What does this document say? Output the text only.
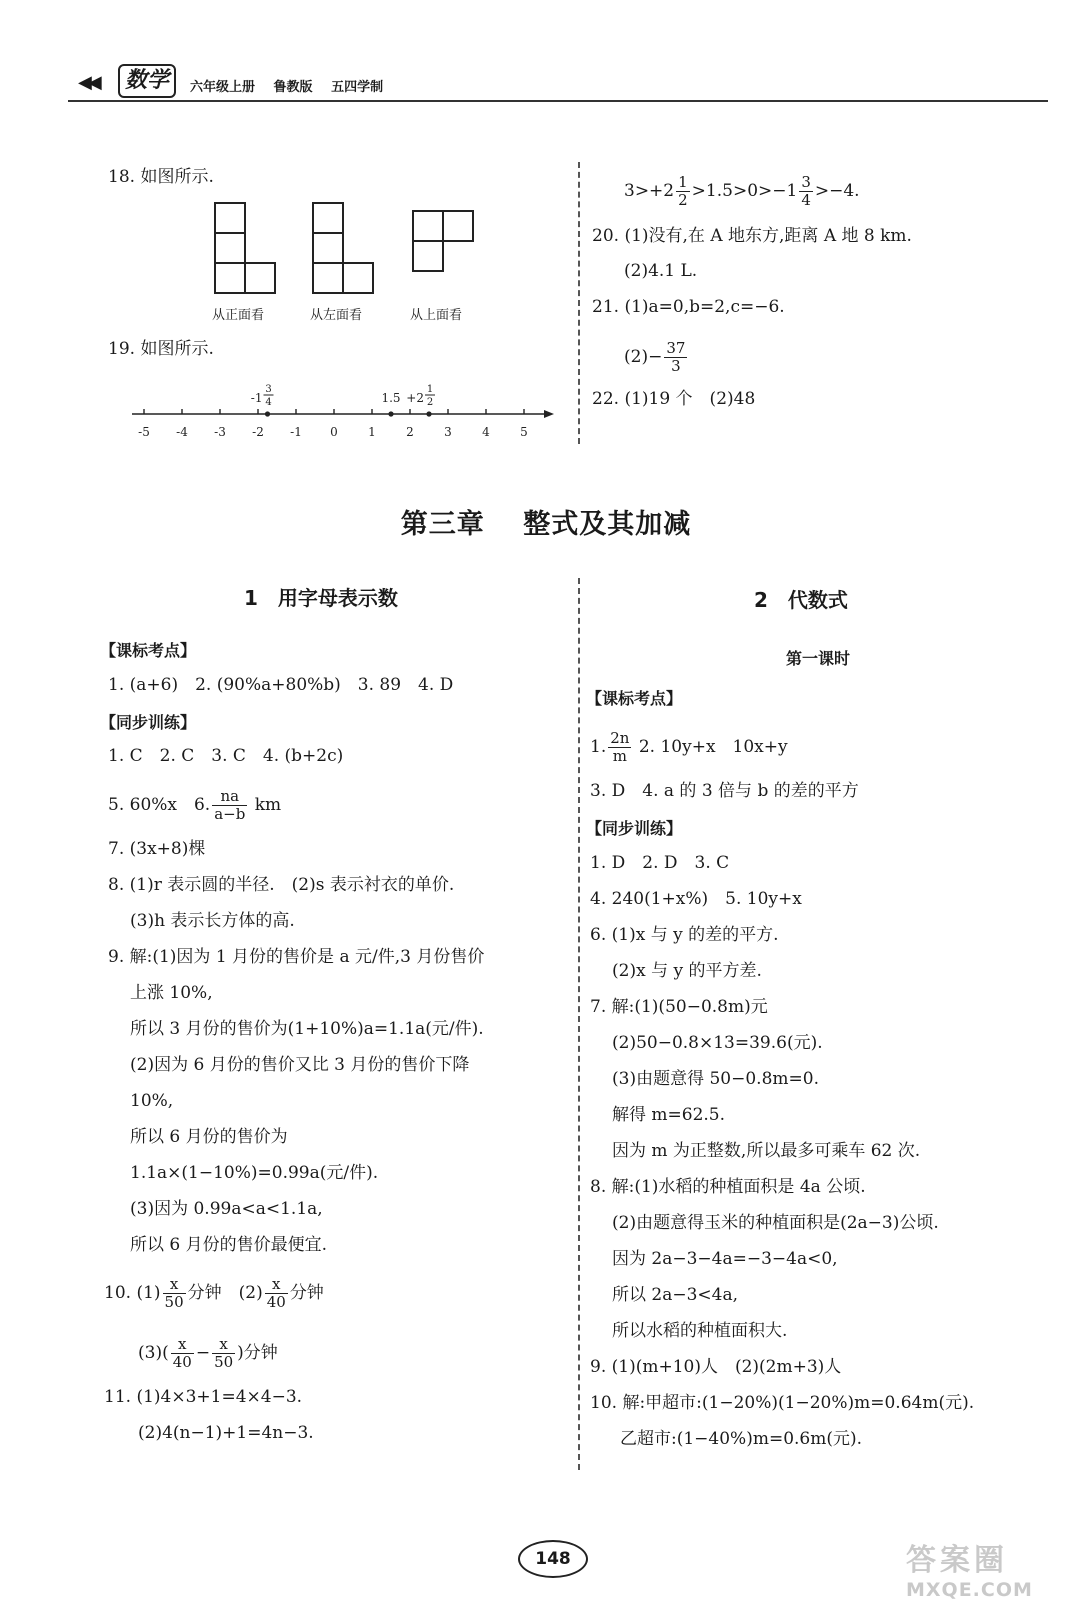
◀◀	数学	六年级上册 鲁教版 五四学制
18. 如图所示.
从正面看	从左面看	从上面看
19. 如图所示.
-5 -4 -3 -2 -1 0	1	2	3	4	5
-1
3
4	1.5 +2
1
2
$3>+2 \frac{1}{2} >1.5>0>-1 \frac{3}{4} >-4$.
20. (1)没有,在 A 地东方,距离 A 地 8 km.
(2)4.1 L.
21. (1)a=0,b=2,c=−6.
$(2)- \frac{37}{3}$
22. (1)19 个　(2)48
第三章　 整式及其加减
1　用字母表示数
【课标考点】
1. (a+6)　2. (90%a+80%b)　3. 89　4. D
【同步训练】
1. C　2. C　3. C　4. (b+2c)
5. 60%x　6. $\frac{na}{a-b}$ km
7. (3x+8)棵
8. (1)r 表示圆的半径.　(2)s 表示衬衣的单价.
(3)h 表示长方体的高.
9. 解:(1)因为 1 月份的售价是 a 元/件,3 月份售价
上涨 10%,
所以 3 月份的售价为(1+10%)a=1.1a(元/件).
(2)因为 6 月份的售价又比 3 月份的售价下降
10%,
所以 6 月份的售价为
1.1a×(1−10%)=0.99a(元/件).
(3)因为 0.99a<a<1.1a,
所以 6 月份的售价最便宜.
10. $(1) \frac{x}{50}$ 分钟　$(2) \frac{x}{40}$ 分钟
$(3)( \frac{x}{40} - \frac{x}{50}$ )分钟
11. (1)4×3+1=4×4−3.
(2)4(n−1)+1=4n−3.
2　代数式
第一课时
【课标考点】
1. $\frac{2n}{m} 2$. 10y+x　10x+y
3. D　4. a 的 3 倍与 b 的差的平方
【同步训练】
1. D　2. D　3. C
4. 240(1+x%)　5. 10y+x
6. (1)x 与 y 的差的平方.
(2)x 与 y 的平方差.
7. 解:(1)(50−0.8m)元
(2)50−0.8×13=39.6(元).
(3)由题意得 50−0.8m=0.
解得 m=62.5.
因为 m 为正整数,所以最多可乘车 62 次.
8. 解:(1)水稻的种植面积是 4a 公顷.
(2)由题意得玉米的种植面积是(2a−3)公顷.
因为 2a−3−4a=−3−4a<0,
所以 2a−3<4a,
所以水稻的种植面积大.
9. (1)(m+10)人　(2)(2m+3)人
10. 解:甲超市:(1−20%)(1−20%)m=0.64m(元).
乙超市:(1−40%)m=0.6m(元).
148	答案圈
MXQE.COM
